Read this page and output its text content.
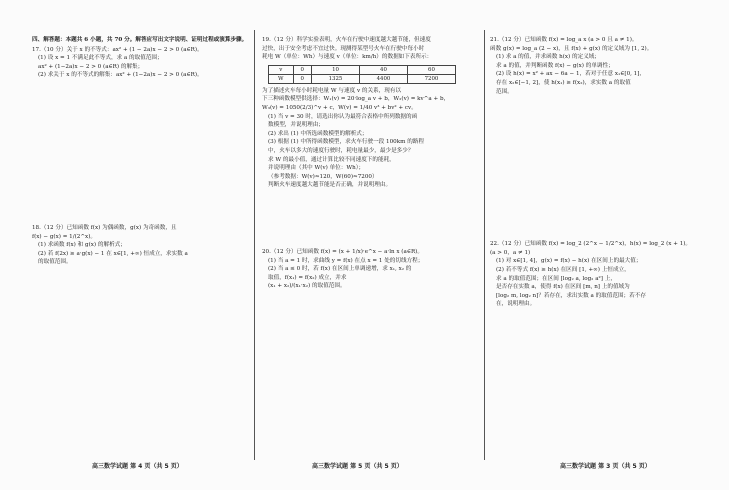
四、解答题：本题共 6 小题，共 70 分。解答应写出文字说明、证明过程或演算步骤。
17.（10 分）关于 x 的不等式：ax² + (1 − 2a)x − 2 > 0 (a∈R)。
(1) 设 x = 1 不满足此不等式，求 a 的取值范围；
ax² + (1−2a)x − 2 > 0 (a∈R) 的解集；
(2) 求关于 x 的不等式的解集：ax² + (1−2a)x − 2 > 0 (a∈R)。
18.（12 分）已知函数 f(x) 为偶函数，g(x) 为奇函数，且
f(x) − g(x) = 1/(2^x)。
(1) 求函数 f(x) 和 g(x) 的解析式；
(2) 若 f(2x) ≥ a·g(x) − 1 在 x∈[1, +∞) 恒成立，求实数 a
的取值范围。
19.（12 分）科学实验表明，火车在行驶中速度越大越节能，但速度
过快，出于安全考虑不宜过快。现测得某型号火车在行驶中每小时
耗电 W（单位：Wh）与速度 v（单位：km/h）的数据如下表所示：
v	0	10	40	60
W	0	1325	4400	7200
为了描述火车每小时耗电量 W 与速度 v 的关系，现有以
下三种函数模型供选择：W₁(v) = 20·log_a v + b，W₂(v) = kv^a + b，
W₃(v) = 1050(2/3)^v + c，W(v) = 1/40 v³ + bv² + cv。
(1) 当 v = 30 时，请选出你认为最符合表格中所列数据的函
数模型，并说明理由；
(2) 求出 (1) 中所选函数模型的解析式；
(3) 根据 (1) 中所得函数模型，求火车行驶一段 100km 的路程
中，火车以多大的速度行驶时，耗电量最少，最少是多少？
求 W 的最小值，通过计算比较不同速度下的能耗，
并说明理由（其中 W(v) 单位：Wh）；
（参考数据：W(v)≈120，W(60)≈7200）
判断火车速度越大越节能是否正确，并说明理由。
20.（12 分）已知函数 f(x) = (x + 1/x)·e^x − a·ln x (a∈R)。
(1) 当 a = 1 时，求曲线 y = f(x) 在点 x = 1 处的切线方程；
(2) 当 a ≤ 0 时，若 f(x) 在区间上单调递增，求 x₁, x₂ 的
取值，f(x₁) = f(x₂) 成立，并求
(x₁ + x₂)/(x₁·x₂) 的取值范围。
21.（12 分）已知函数 f(x) = log_a x (a > 0 且 a ≠ 1)。
函数 g(x) = log_a (2 − x)，且 f(x) + g(x) 的定义域为 [1, 2)。
(1) 求 a 的值，并求函数 h(x) 的定义域；
求 a 的值，并判断函数 f(x) − g(x) 的单调性；
(2) 设 h(x) = x² + ax − 6a − 1，若对于任意 x₁∈[0, 1]，
存在 x₂∈[−1, 2]，使 h(x₁) ≥ f(x₂)，求实数 a 的取值
范围。
22.（12 分）已知函数 f(x) = log_2 (2^x − 1/2^x)，h(x) = log_2 (x + 1)。
(a > 0，a ≠ 1)
(1) 对 x∈[1, 4]，g(x) = f(x) − h(x) 在区间上的最大值；
(2) 若不等式 f(x) ≥ h(x) 在区间 [1, +∞) 上恒成立，
求 a 的取值范围；在区间 [log₂ a, log₂ a²] 上，
是否存在实数 a，使得 f(x) 在区间 [m, n] 上的值域为
[log₂ m, log₂ n]？若存在，求出实数 a 的取值范围；若不存
在，说明理由。
高三数学试题 第 4 页（共 5 页）	高三数学试题 第 5 页（共 5 页）	高三数学试题 第 3 页（共 5 页）
